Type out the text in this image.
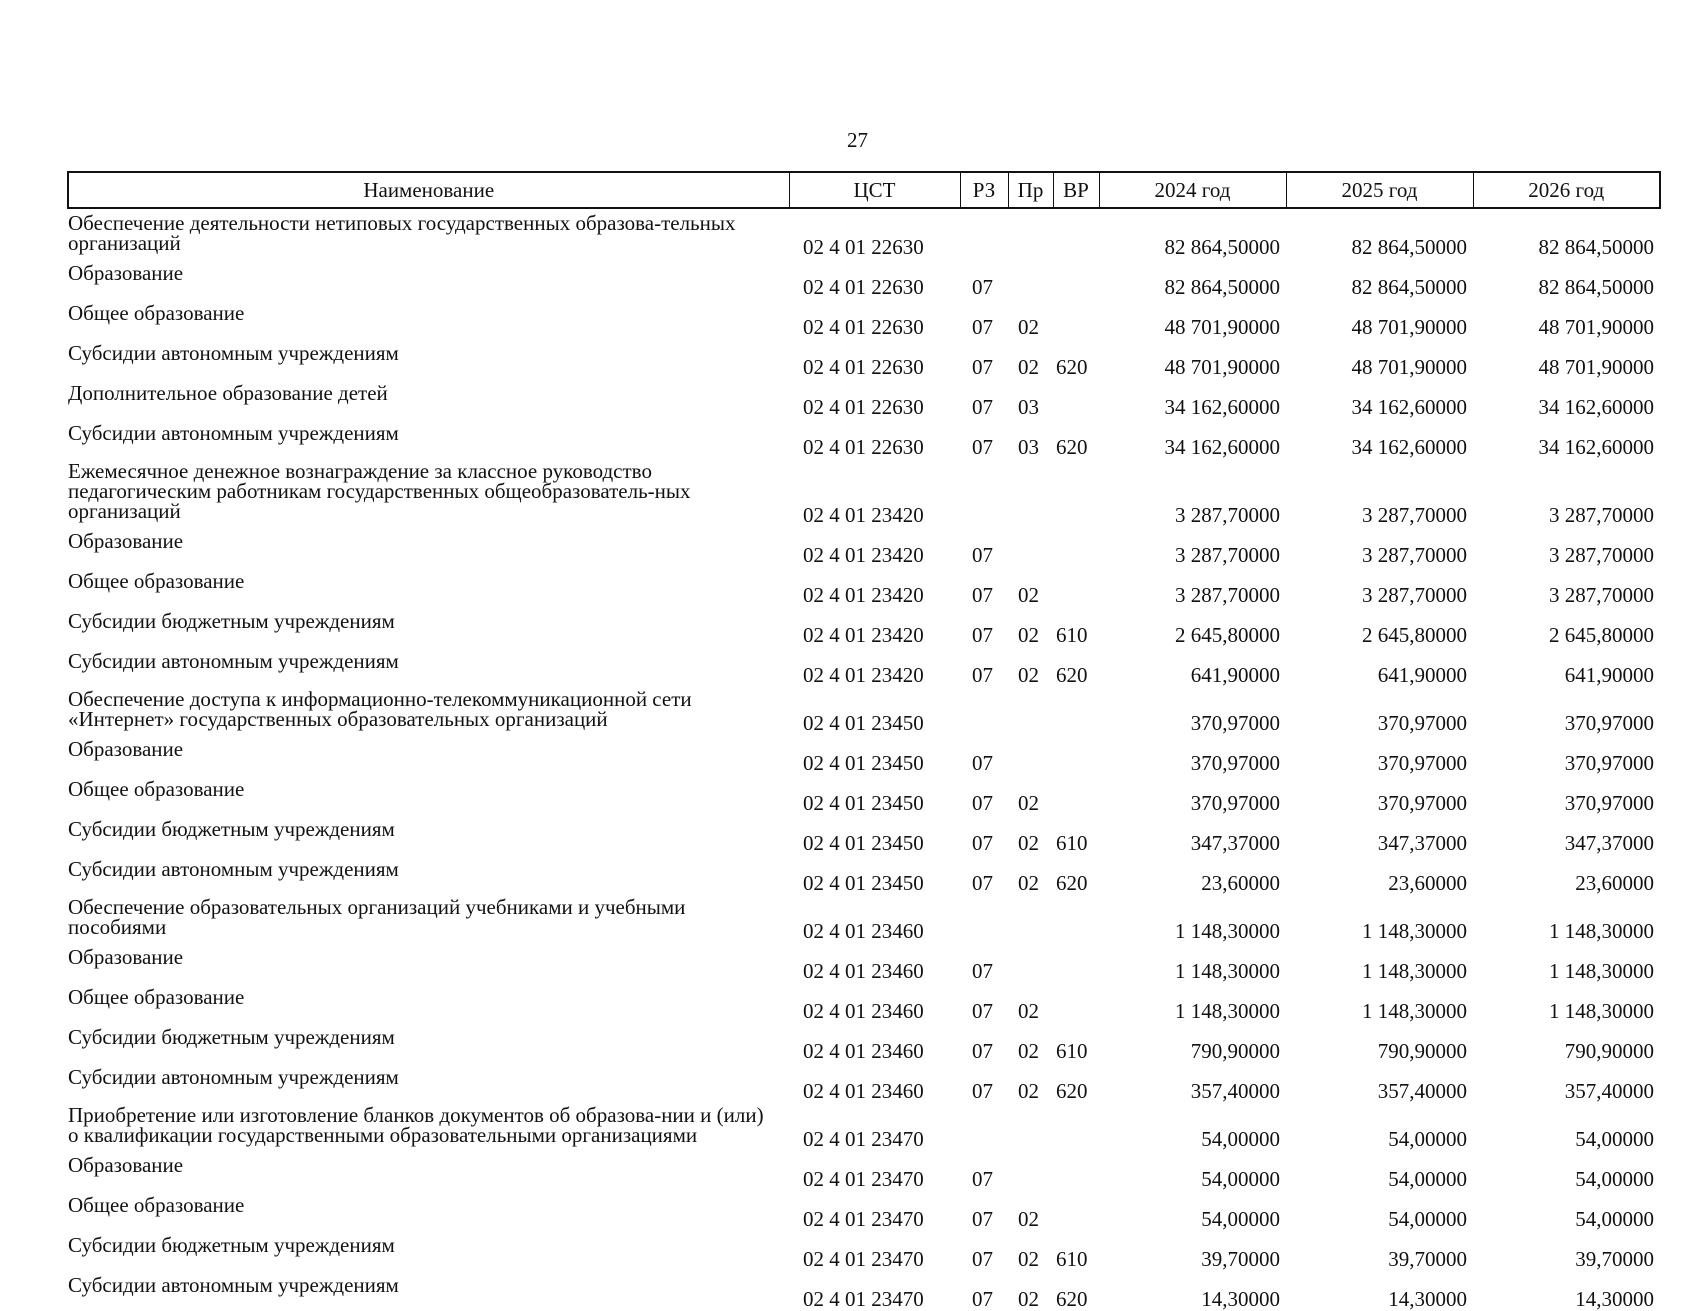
27
Наименование	ЦСТ	РЗ	Пр	ВР	2024 год	2025 год	2026 год
Обеспечение деятельности нетиповых государственных образова-тельных организаций	02 4 01 22630				82 864,50000	82 864,50000	82 864,50000
Образование	02 4 01 22630	07			82 864,50000	82 864,50000	82 864,50000
Общее образование	02 4 01 22630	07	02		48 701,90000	48 701,90000	48 701,90000
Субсидии автономным учреждениям	02 4 01 22630	07	02	620	48 701,90000	48 701,90000	48 701,90000
Дополнительное образование детей	02 4 01 22630	07	03		34 162,60000	34 162,60000	34 162,60000
Субсидии автономным учреждениям	02 4 01 22630	07	03	620	34 162,60000	34 162,60000	34 162,60000
Ежемесячное денежное вознаграждение за классное руководство педагогическим работникам государственных общеобразователь-ных организаций	02 4 01 23420				3 287,70000	3 287,70000	3 287,70000
Образование	02 4 01 23420	07			3 287,70000	3 287,70000	3 287,70000
Общее образование	02 4 01 23420	07	02		3 287,70000	3 287,70000	3 287,70000
Субсидии бюджетным учреждениям	02 4 01 23420	07	02	610	2 645,80000	2 645,80000	2 645,80000
Субсидии автономным учреждениям	02 4 01 23420	07	02	620	641,90000	641,90000	641,90000
Обеспечение доступа к информационно-телекоммуникационной сети «Интернет» государственных образовательных организаций	02 4 01 23450				370,97000	370,97000	370,97000
Образование	02 4 01 23450	07			370,97000	370,97000	370,97000
Общее образование	02 4 01 23450	07	02		370,97000	370,97000	370,97000
Субсидии бюджетным учреждениям	02 4 01 23450	07	02	610	347,37000	347,37000	347,37000
Субсидии автономным учреждениям	02 4 01 23450	07	02	620	23,60000	23,60000	23,60000
Обеспечение образовательных организаций учебниками и учебными пособиями	02 4 01 23460				1 148,30000	1 148,30000	1 148,30000
Образование	02 4 01 23460	07			1 148,30000	1 148,30000	1 148,30000
Общее образование	02 4 01 23460	07	02		1 148,30000	1 148,30000	1 148,30000
Субсидии бюджетным учреждениям	02 4 01 23460	07	02	610	790,90000	790,90000	790,90000
Субсидии автономным учреждениям	02 4 01 23460	07	02	620	357,40000	357,40000	357,40000
Приобретение или изготовление бланков документов об образова-нии и (или) о квалификации государственными образовательными организациями	02 4 01 23470				54,00000	54,00000	54,00000
Образование	02 4 01 23470	07			54,00000	54,00000	54,00000
Общее образование	02 4 01 23470	07	02		54,00000	54,00000	54,00000
Субсидии бюджетным учреждениям	02 4 01 23470	07	02	610	39,70000	39,70000	39,70000
Субсидии автономным учреждениям	02 4 01 23470	07	02	620	14,30000	14,30000	14,30000
